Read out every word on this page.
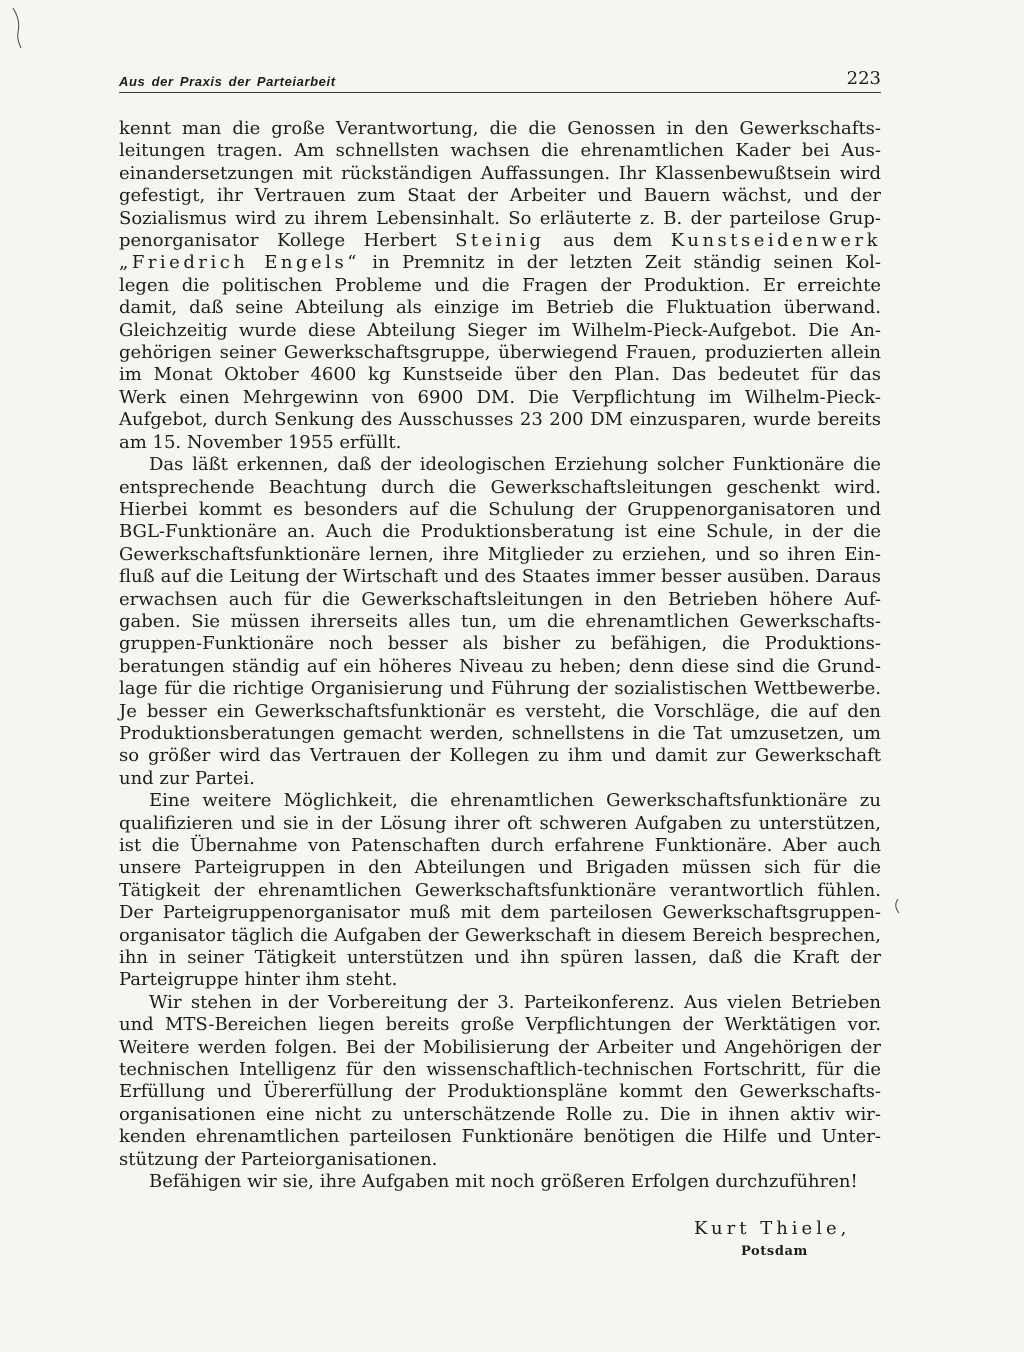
Aus der Praxis der Parteiarbeit	223
kennt man die große Verantwortung, die die Genossen in den Gewerkschafts-
leitungen tragen. Am schnellsten wachsen die ehrenamtlichen Kader bei Aus-
einandersetzungen mit rückständigen Auffassungen. Ihr Klassenbewußtsein wird
gefestigt, ihr Vertrauen zum Staat der Arbeiter und Bauern wächst, und der
Sozialismus wird zu ihrem Lebensinhalt. So erläuterte z. B. der parteilose Grup-
penorganisator Kollege Herbert Steinig aus dem Kunstseidenwerk
„Friedrich Engels“ in Premnitz in der letzten Zeit ständig seinen Kol-
legen die politischen Probleme und die Fragen der Produktion. Er erreichte
damit, daß seine Abteilung als einzige im Betrieb die Fluktuation überwand.
Gleichzeitig wurde diese Abteilung Sieger im Wilhelm-Pieck-Aufgebot. Die An-
gehörigen seiner Gewerkschaftsgruppe, überwiegend Frauen, produzierten allein
im Monat Oktober 4600 kg Kunstseide über den Plan. Das bedeutet für das
Werk einen Mehrgewinn von 6900 DM. Die Verpflichtung im Wilhelm-Pieck-
Aufgebot, durch Senkung des Ausschusses 23 200 DM einzusparen, wurde bereits
am 15. November 1955 erfüllt.
Das läßt erkennen, daß der ideologischen Erziehung solcher Funktionäre die
entsprechende Beachtung durch die Gewerkschaftsleitungen geschenkt wird.
Hierbei kommt es besonders auf die Schulung der Gruppenorganisatoren und
BGL-Funktionäre an. Auch die Produktionsberatung ist eine Schule, in der die
Gewerkschaftsfunktionäre lernen, ihre Mitglieder zu erziehen, und so ihren Ein-
fluß auf die Leitung der Wirtschaft und des Staates immer besser ausüben. Daraus
erwachsen auch für die Gewerkschaftsleitungen in den Betrieben höhere Auf-
gaben. Sie müssen ihrerseits alles tun, um die ehrenamtlichen Gewerkschafts-
gruppen-Funktionäre noch besser als bisher zu befähigen, die Produktions-
beratungen ständig auf ein höheres Niveau zu heben; denn diese sind die Grund-
lage für die richtige Organisierung und Führung der sozialistischen Wettbewerbe.
Je besser ein Gewerkschaftsfunktionär es versteht, die Vorschläge, die auf den
Produktionsberatungen gemacht werden, schnellstens in die Tat umzusetzen, um
so größer wird das Vertrauen der Kollegen zu ihm und damit zur Gewerkschaft
und zur Partei.
Eine weitere Möglichkeit, die ehrenamtlichen Gewerkschaftsfunktionäre zu
qualifizieren und sie in der Lösung ihrer oft schweren Aufgaben zu unterstützen,
ist die Übernahme von Patenschaften durch erfahrene Funktionäre. Aber auch
unsere Parteigruppen in den Abteilungen und Brigaden müssen sich für die
Tätigkeit der ehrenamtlichen Gewerkschaftsfunktionäre verantwortlich fühlen.
Der Parteigruppenorganisator muß mit dem parteilosen Gewerkschaftsgruppen-
organisator täglich die Aufgaben der Gewerkschaft in diesem Bereich besprechen,
ihn in seiner Tätigkeit unterstützen und ihn spüren lassen, daß die Kraft der
Parteigruppe hinter ihm steht.
Wir stehen in der Vorbereitung der 3. Parteikonferenz. Aus vielen Betrieben
und MTS-Bereichen liegen bereits große Verpflichtungen der Werktätigen vor.
Weitere werden folgen. Bei der Mobilisierung der Arbeiter und Angehörigen der
technischen Intelligenz für den wissenschaftlich-technischen Fortschritt, für die
Erfüllung und Übererfüllung der Produktionspläne kommt den Gewerkschafts-
organisationen eine nicht zu unterschätzende Rolle zu. Die in ihnen aktiv wir-
kenden ehrenamtlichen parteilosen Funktionäre benötigen die Hilfe und Unter-
stützung der Parteiorganisationen.
Befähigen wir sie, ihre Aufgaben mit noch größeren Erfolgen durchzuführen!
Kurt Thiele,
Potsdam
